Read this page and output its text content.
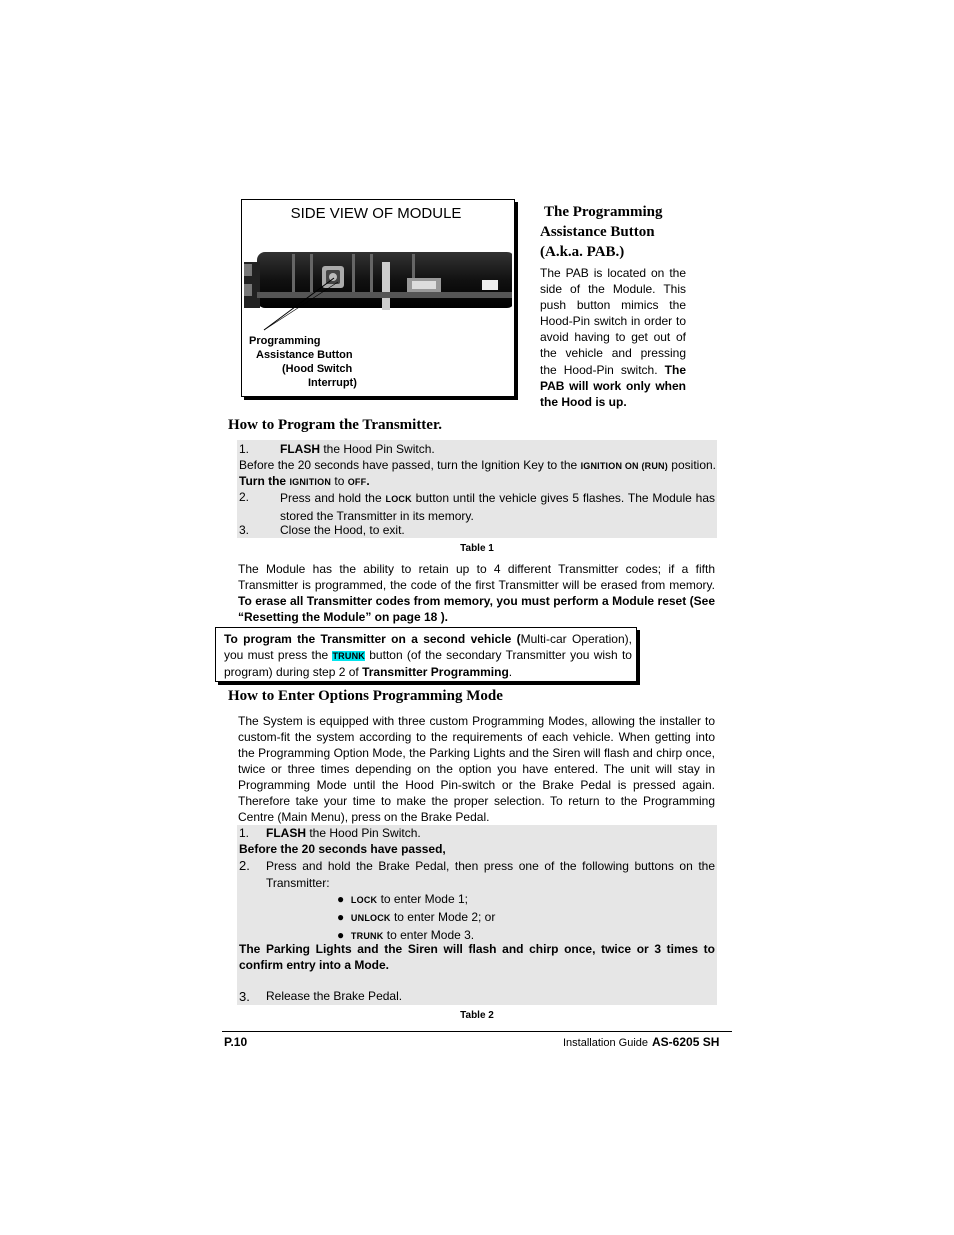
SIDE VIEW OF MODULE
Programming
Assistance Button
(Hood Switch
Interrupt)
The Programming
Assistance Button
(A.k.a. PAB.)
The PAB is located on the side of the Module. This push button mimics the Hood-Pin switch in order to avoid having to get out of the vehicle and pressing the Hood-Pin switch. The PAB will work only when the Hood is up.
How to Program the Transmitter.
1.	FLASH the Hood Pin Switch.
Before the 20 seconds have passed, turn the Ignition Key to the IGNITION ON (RUN) position.
Turn the IGNITION to OFF.
2.	Press and hold the LOCK button until the vehicle gives 5 flashes. The Module has stored the Transmitter in its memory.
3.	Close the Hood, to exit.
Table 1
The Module has the ability to retain up to 4 different Transmitter codes; if a fifth Transmitter is programmed, the code of the first Transmitter will be erased from memory. To erase all Transmitter codes from memory, you must perform a Module reset (See “Resetting the Module” on page 18 ).
To program the Transmitter on a second vehicle (Multi-car Operation), you must press the TRUNK button (of the secondary Transmitter you wish to program) during step 2 of Transmitter Programming.
How to Enter Options Programming Mode
The System is equipped with three custom Programming Modes, allowing the installer to custom-fit the system according to the requirements of each vehicle. When getting into the Programming Option Mode, the Parking Lights and the Siren will flash and chirp once, twice or three times depending on the option you have entered. The unit will stay in Programming Mode until the Hood Pin-switch or the Brake Pedal is pressed again. Therefore take your time to make the proper selection. To return to the Programming Centre (Main Menu), press on the Brake Pedal.
1. FLASH the Hood Pin Switch.
Before the 20 seconds have passed,
2. Press and hold the Brake Pedal, then press one of the following buttons on the Transmitter:
●  LOCK to enter Mode 1;
●  UNLOCK to enter Mode 2; or
●  TRUNK to enter Mode 3.
The Parking Lights and the Siren will flash and chirp once, twice or 3 times to confirm entry into a Mode.
3. Release the Brake Pedal.
Table 2
P.10	Installation Guide AS-6205 SH
